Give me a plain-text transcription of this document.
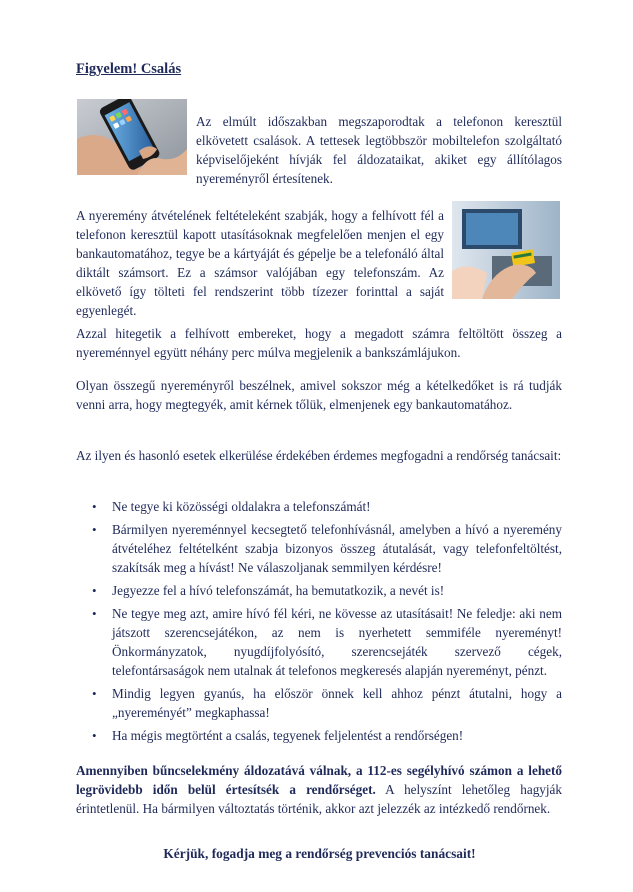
Figyelem! Csalás
Az elmúlt időszakban megszaporodtak a telefonon keresztül elkövetett csalások. A tettesek legtöbbször mobiltelefon szolgáltató képviselőjeként hívják fel áldozataikat, akiket egy állítólagos nyereményről értesítenek.
A nyeremény átvételének feltételeként szabják, hogy a felhívott fél a telefonon keresztül kapott utasításoknak megfelelően menjen el egy bankautomatához, tegye be a kártyáját és gépelje be a telefonáló által diktált számsort. Ez a számsor valójában egy telefonszám. Az elkövető így tölteti fel rendszerint több tízezer forinttal a saját egyenlegét.
Azzal hitegetik a felhívott embereket, hogy a megadott számra feltöltött összeg a nyereménnyel együtt néhány perc múlva megjelenik a bankszámlájukon.
Olyan összegű nyereményről beszélnek, amivel sokszor még a kételkedőket is rá tudják venni arra, hogy megtegyék, amit kérnek tőlük, elmenjenek egy bankautomatához.
Az ilyen és hasonló esetek elkerülése érdekében érdemes megfogadni a rendőrség tanácsait:
• Ne tegye ki közösségi oldalakra a telefonszámát!
• Bármilyen nyereménnyel kecsegtető telefonhívásnál, amelyben a hívó a nyeremény átvételéhez feltételként szabja bizonyos összeg átutalását, vagy telefonfeltöltést, szakítsák meg a hívást! Ne válaszoljanak semmilyen kérdésre!
• Jegyezze fel a hívó telefonszámát, ha bemutatkozik, a nevét is!
• Ne tegye meg azt, amire hívó fél kéri, ne kövesse az utasításait! Ne feledje: aki nem játszott szerencsejátékon, az nem is nyerhetett semmiféle nyereményt! Önkormányzatok, nyugdíjfolyósító, szerencsejáték szervező cégek, telefontársaságok nem utalnak át telefonos megkeresés alapján nyereményt, pénzt.
• Mindig legyen gyanús, ha először önnek kell ahhoz pénzt átutalni, hogy a „nyereményét” megkaphassa!
• Ha mégis megtörtént a csalás, tegyenek feljelentést a rendőrségen!
Amennyiben bűncselekmény áldozatává válnak, a 112-es segélyhívó számon a lehető legrövidebb időn belül értesítsék a rendőrséget. A helyszínt lehetőleg hagyják érintetlenül. Ha bármilyen változtatás történik, akkor azt jelezzék az intézkedő rendőrnek.
Kérjük, fogadja meg a rendőrség prevenciós tanácsait!
